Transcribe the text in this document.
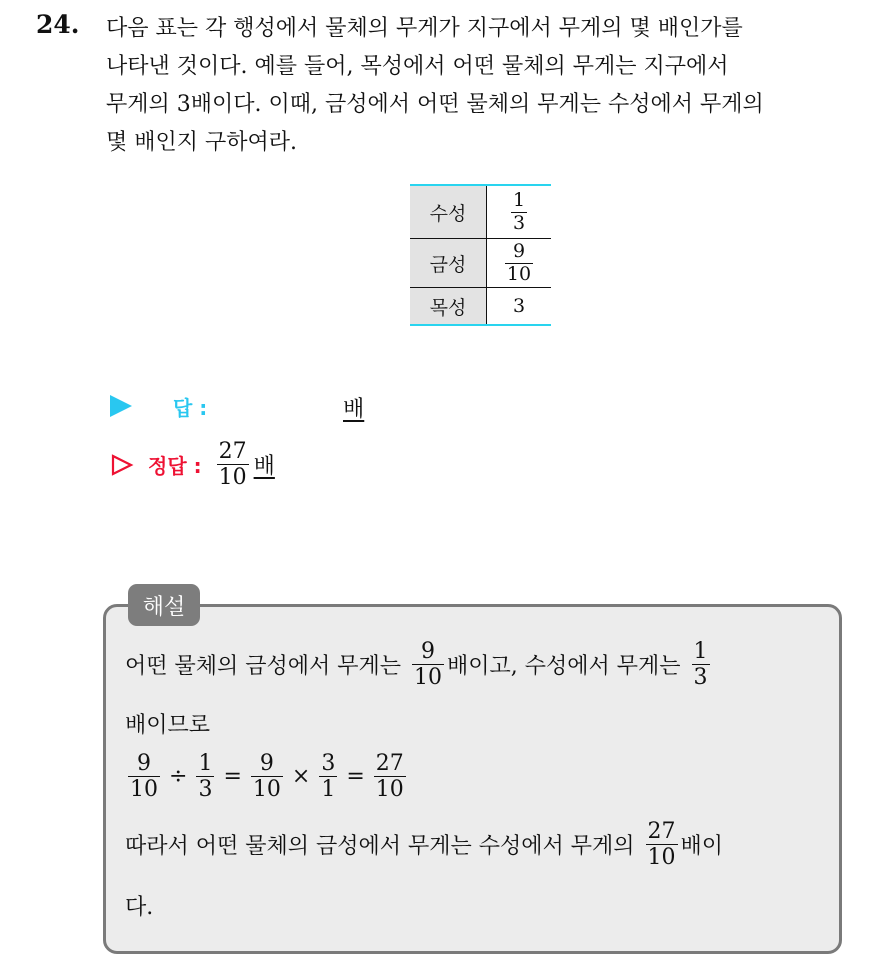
24. 다음 표는 각 행성에서 물체의 무게가 지구에서 무게의 몇 배인가를
나타낸 것이다. 예를 들어, 목성에서 어떤 물체의 무게는 지구에서
무게의 3배이다. 이때, 금성에서 어떤 물체의 무게는 수성에서 무게의
몇 배인지 구하여라.
수성	$\frac{1}{3}$

금성	$\frac{9}{10}$

목성	3
답 :	배
정답 : $\frac{27}{10}$ 배
해설
어떤 물체의 금성에서 무게는 $\frac{9}{10}$ 배이고, 수성에서 무게는 $\frac{1}{3}$
배이므로
$\frac{9}{10} \div \frac{1}{3} = \frac{9}{10} \times \frac{3}{1} = \frac{27}{10}$
따라서 어떤 물체의 금성에서 무게는 수성에서 무게의 $\frac{27}{10}$ 배이
다.
